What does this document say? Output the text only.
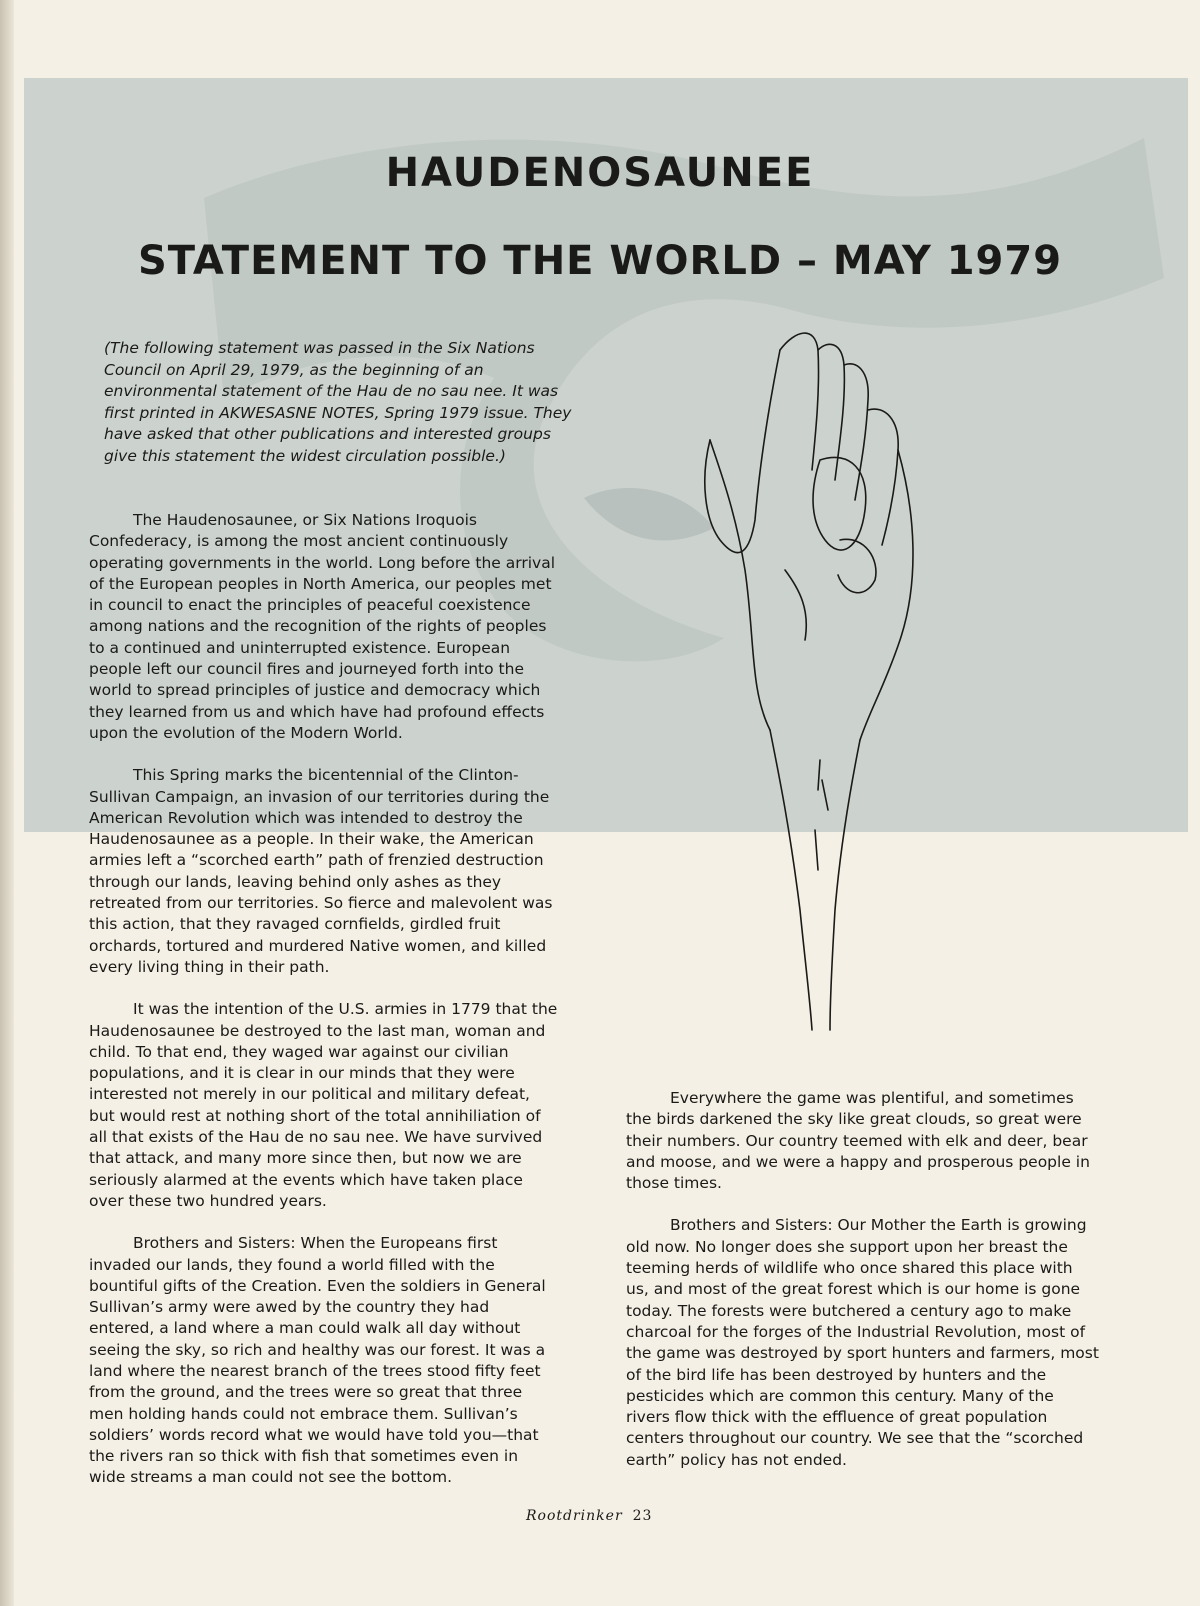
HAUDENOSAUNEE
STATEMENT TO THE WORLD – MAY 1979
(The following statement was passed in the Six Nations Council on April 29, 1979, as the beginning of an environmental statement of the Hau de no sau nee. It was first printed in AKWESASNE NOTES, Spring 1979 issue. They have asked that other publications and interested groups give this statement the widest circulation possible.)

The Haudenosaunee, or Six Nations Iroquois Confederacy, is among the most ancient continuously operating governments in the world. Long before the arrival of the European peoples in North America, our peoples met in council to enact the principles of peaceful coexistence among nations and the recognition of the rights of peoples to a continued and uninterrupted existence. European people left our council fires and journeyed forth into the world to spread principles of justice and democracy which they learned from us and which have had profound effects upon the evolution of the Modern World.

This Spring marks the bicentennial of the Clinton-Sullivan Campaign, an invasion of our territories during the American Revolution which was intended to destroy the Haudenosaunee as a people. In their wake, the American armies left a “scorched earth” path of frenzied destruction through our lands, leaving behind only ashes as they retreated from our territories. So fierce and malevolent was this action, that they ravaged cornfields, girdled fruit orchards, tortured and murdered Native women, and killed every living thing in their path.

It was the intention of the U.S. armies in 1779 that the Haudenosaunee be destroyed to the last man, woman and child. To that end, they waged war against our civilian populations, and it is clear in our minds that they were interested not merely in our political and military defeat, but would rest at nothing short of the total annihiliation of all that exists of the Hau de no sau nee. We have survived that attack, and many more since then, but now we are seriously alarmed at the events which have taken place over these two hundred years.

Brothers and Sisters: When the Europeans first invaded our lands, they found a world filled with the bountiful gifts of the Creation. Even the soldiers in General Sullivan’s army were awed by the country they had entered, a land where a man could walk all day without seeing the sky, so rich and healthy was our forest. It was a land where the nearest branch of the trees stood fifty feet from the ground, and the trees were so great that three men holding hands could not embrace them. Sullivan’s soldiers’ words record what we would have told you—that the rivers ran so thick with fish that sometimes even in wide streams a man could not see the bottom.

Everywhere the game was plentiful, and sometimes the birds darkened the sky like great clouds, so great were their numbers. Our country teemed with elk and deer, bear and moose, and we were a happy and prosperous people in those times.

Brothers and Sisters: Our Mother the Earth is growing old now. No longer does she support upon her breast the teeming herds of wildlife who once shared this place with us, and most of the great forest which is our home is gone today. The forests were butchered a century ago to make charcoal for the forges of the Industrial Revolution, most of the game was destroyed by sport hunters and farmers, most of the bird life has been destroyed by hunters and the pesticides which are common this century. Many of the rivers flow thick with the effluence of great population centers throughout our country. We see that the “scorched earth” policy has not ended.

Rootdrinker 23
